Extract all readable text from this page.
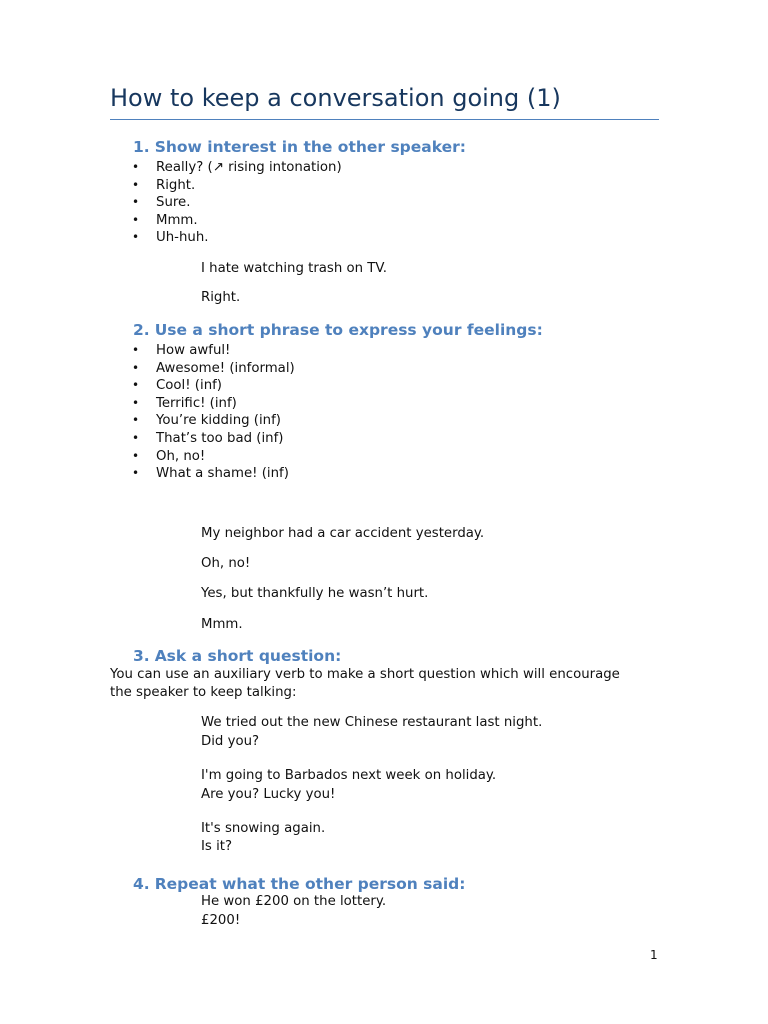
How to keep a conversation going (1)
1. Show interest in the other speaker:
• Really? (↗ rising intonation)
• Right.
• Sure.
• Mmm.
• Uh-huh.
I hate watching trash on TV.
Right.
2. Use a short phrase to express your feelings:
• How awful!
• Awesome! (informal)
• Cool! (inf)
• Terrific! (inf)
• You’re kidding (inf)
• That’s too bad (inf)
• Oh, no!
• What a shame! (inf)
My neighbor had a car accident yesterday.
Oh, no!
Yes, but thankfully he wasn’t hurt.
Mmm.
3. Ask a short question:
You can use an auxiliary verb to make a short question which will encourage
the speaker to keep talking:
We tried out the new Chinese restaurant last night.
Did you?
I'm going to Barbados next week on holiday.
Are you? Lucky you!
It's snowing again.
Is it?
4. Repeat what the other person said:
He won £200 on the lottery.
£200!
1
